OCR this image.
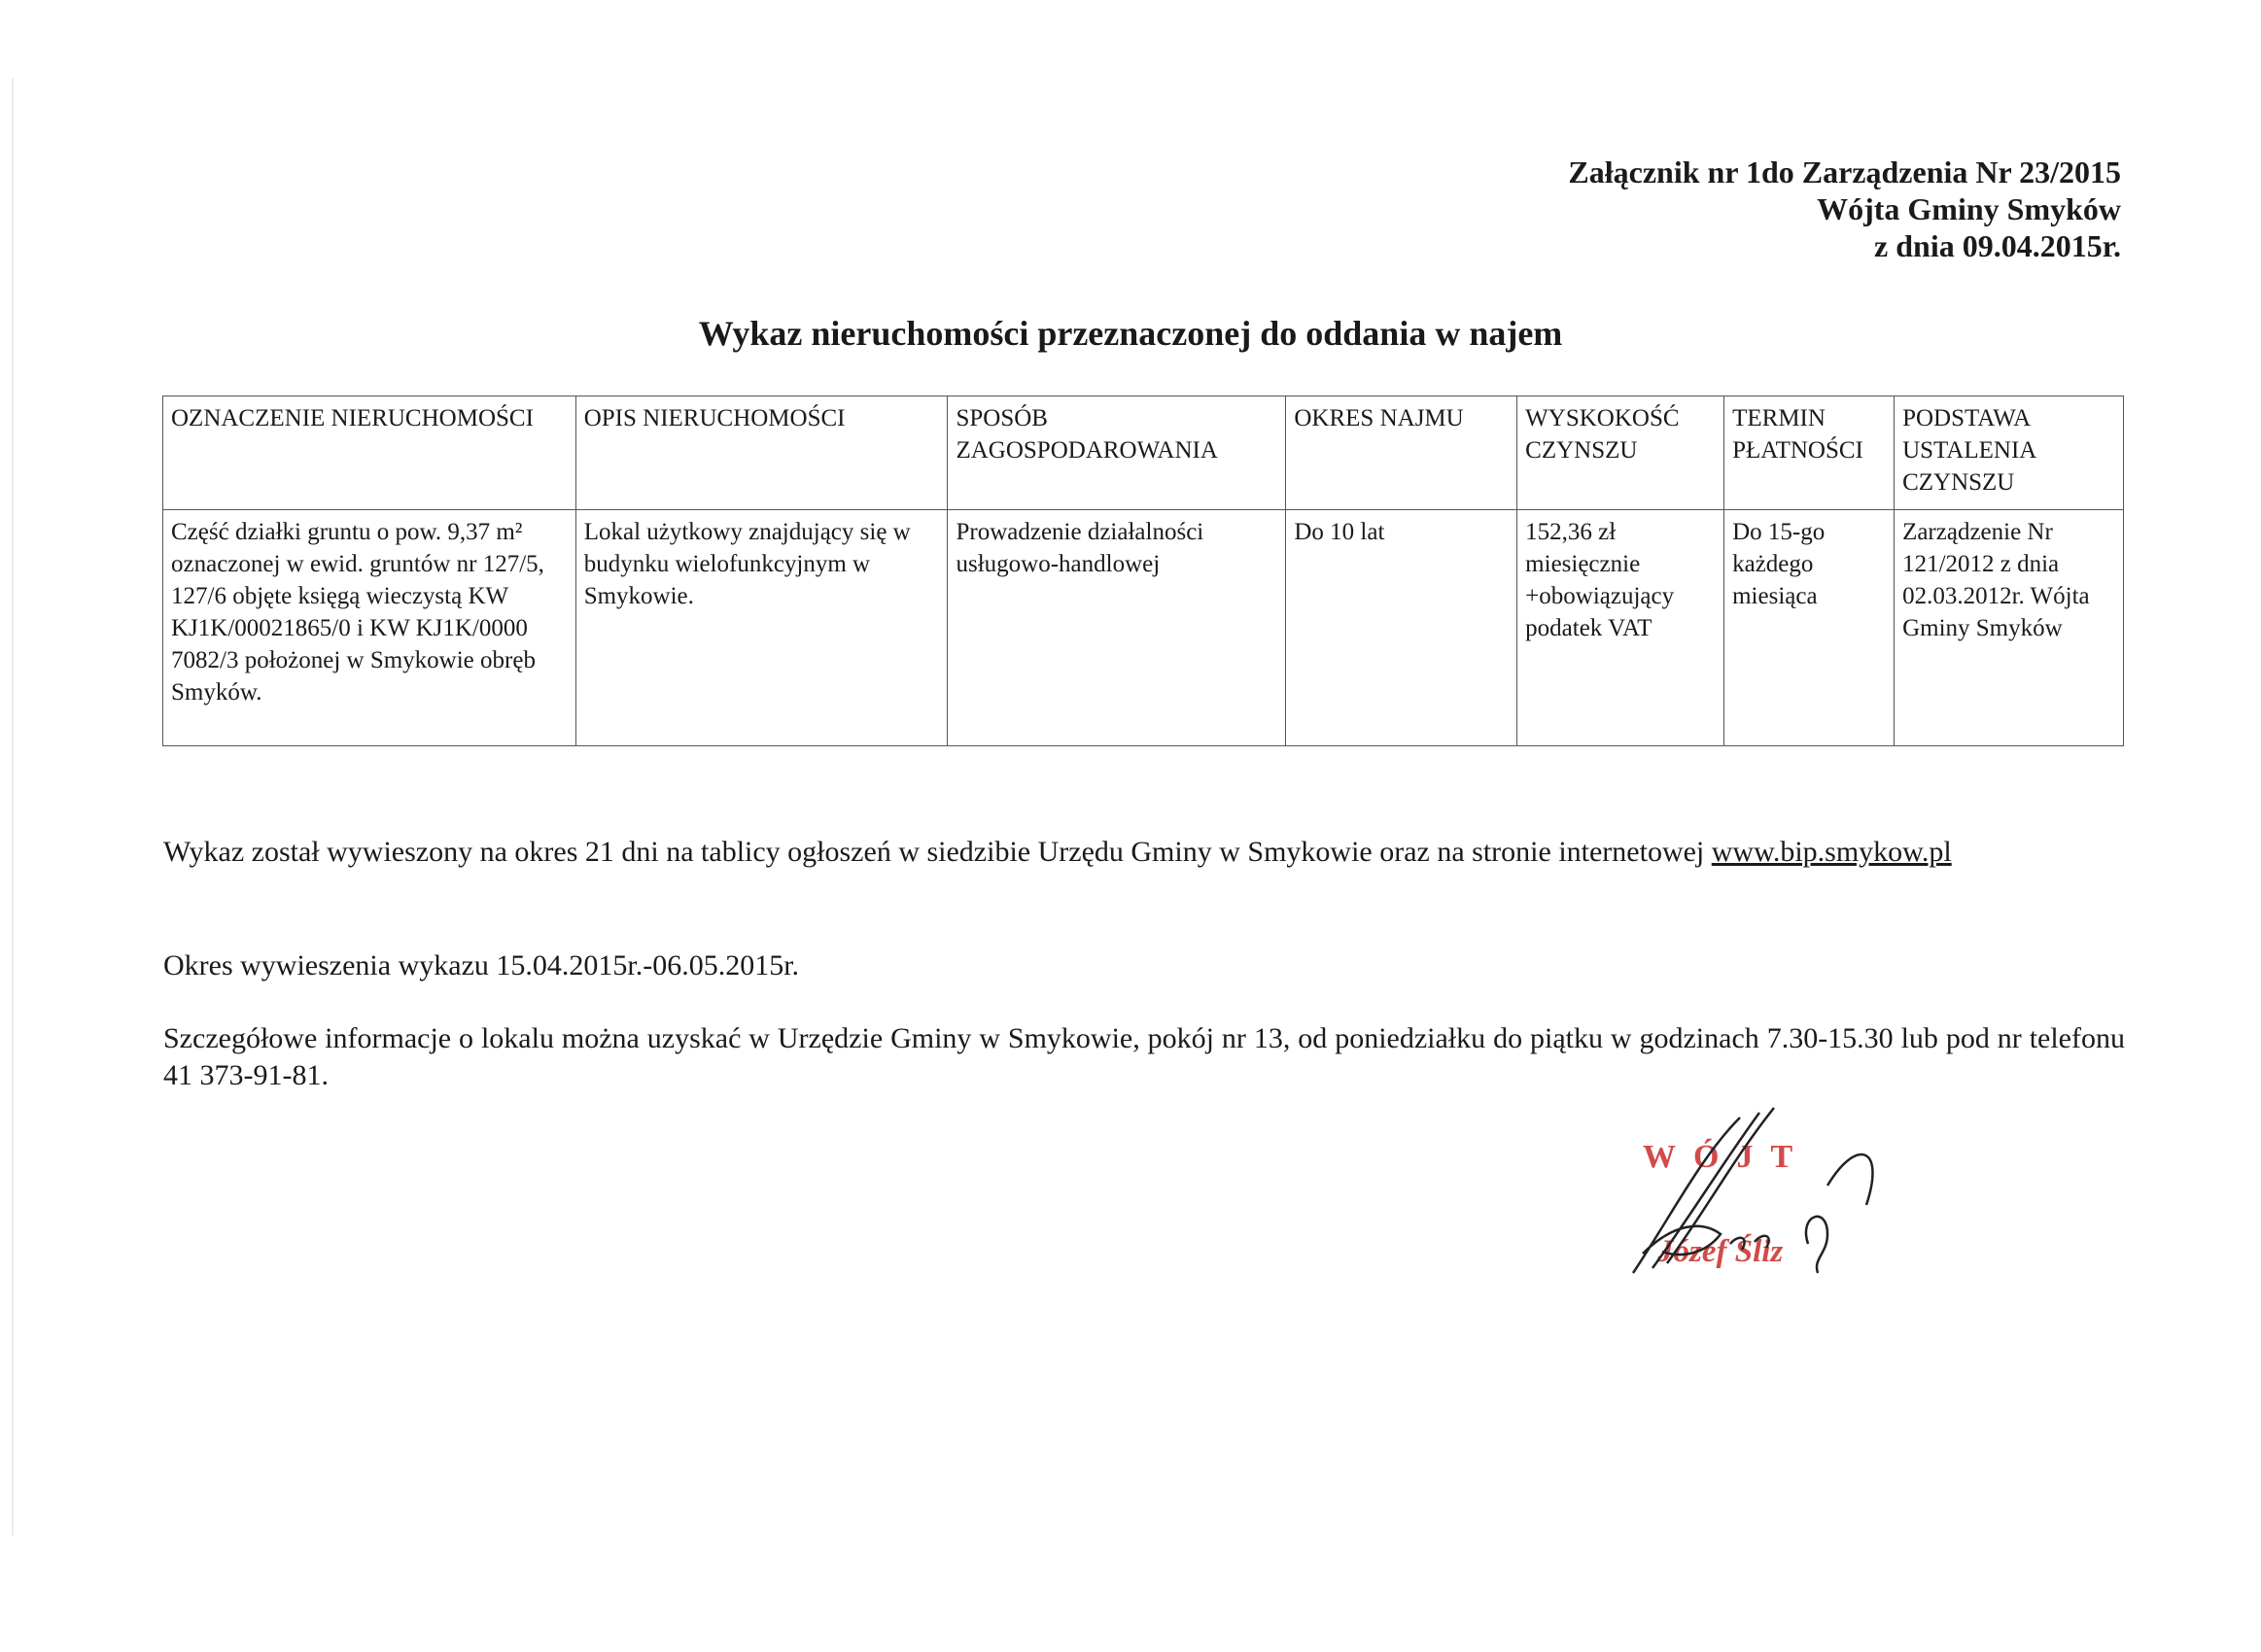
Załącznik nr 1do Zarządzenia Nr 23/2015
Wójta Gminy Smyków
z dnia 09.04.2015r.
Wykaz nieruchomości przeznaczonej do oddania w najem
OZNACZENIE NIERUCHOMOŚCI	OPIS NIERUCHOMOŚCI	SPOSÓB ZAGOSPODAROWANIA	OKRES NAJMU	WYSKOKOŚĆ CZYNSZU	TERMIN PŁATNOŚCI	PODSTAWA USTALENIA CZYNSZU
Część działki gruntu o pow. 9,37 m² oznaczonej w ewid. gruntów nr 127/5, 127/6 objęte księgą wieczystą KW KJ1K/00021865/0 i KW KJ1K/0000 7082/3 położonej w Smykowie obręb Smyków.	Lokal użytkowy znajdujący się w budynku wielofunkcyjnym w Smykowie.	Prowadzenie działalności usługowo-handlowej	Do 10 lat	152,36 zł miesięcznie +obowiązujący podatek VAT	Do 15-go każdego miesiąca	Zarządzenie Nr 121/2012 z dnia 02.03.2012r. Wójta Gminy Smyków
Wykaz został wywieszony na okres 21 dni na tablicy ogłoszeń w siedzibie Urzędu Gminy w Smykowie oraz na stronie internetowej www.bip.smykow.pl
Okres wywieszenia wykazu 15.04.2015r.-06.05.2015r.
Szczegółowe informacje o lokalu można uzyskać w Urzędzie Gminy w Smykowie, pokój nr 13, od poniedziałku do piątku w godzinach 7.30-15.30 lub pod nr telefonu 41 373-91-81.
WÓJT
Józef Śliz
